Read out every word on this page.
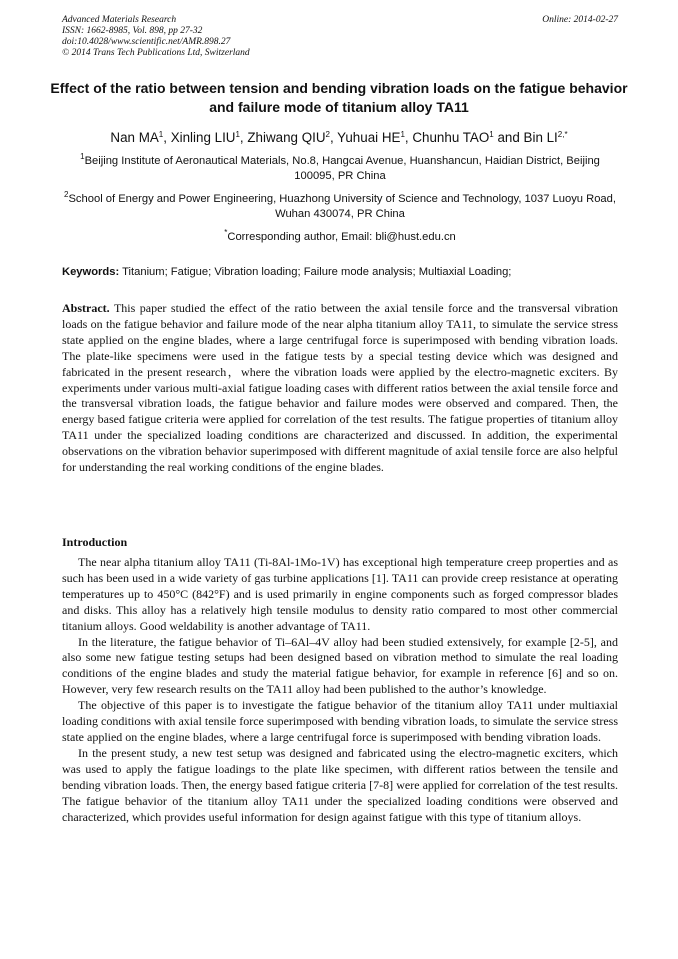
Advanced Materials Research
ISSN: 1662-8985, Vol. 898, pp 27-32
doi:10.4028/www.scientific.net/AMR.898.27
© 2014 Trans Tech Publications Ltd, Switzerland
Online: 2014-02-27
Effect of the ratio between tension and bending vibration loads on the fatigue behavior and failure mode of titanium alloy TA11
Nan $MA^1$, Xinling LIU$^1$, Zhiwang QIU$^2$, Yuhuai $HE^1$, Chunhu TAO$^1$ and Bin $LI^{2,*}$
$^1$Beijing Institute of Aeronautical Materials, No.8, Hangcai Avenue, Huanshancun, Haidian District, Beijing 100095, PR China
$^2$School of Energy and Power Engineering, Huazhong University of Science and Technology, 1037 Luoyu Road, Wuhan 430074, PR China
*Corresponding author, Email: bli@hust.edu.cn
Keywords: Titanium; Fatigue; Vibration loading; Failure mode analysis; Multiaxial Loading;

Abstract. This paper studied the effect of the ratio between the axial tensile force and the transversal vibration loads on the fatigue behavior and failure mode of the near alpha titanium alloy TA11, to simulate the service stress state applied on the engine blades, where a large centrifugal force is superimposed with bending vibration loads. The plate-like specimens were used in the fatigue tests by a special testing device which was designed and fabricated in the present research，where the vibration loads were applied by the electro-magnetic exciters. By experiments under various multi-axial fatigue loading cases with different ratios between the axial tensile force and the transversal vibration loads, the fatigue behavior and failure modes were observed and compared. Then, the energy based fatigue criteria were applied for correlation of the test results. The fatigue properties of titanium alloy TA11 under the specialized loading conditions are characterized and discussed. In addition, the experimental observations on the vibration behavior superimposed with different magnitude of axial tensile force are also helpful for understanding the real working conditions of the engine blades.

Introduction

The near alpha titanium alloy TA11 (Ti-8Al-1Mo-1V) has exceptional high temperature creep properties and as such has been used in a wide variety of gas turbine applications [1]. TA11 can provide creep resistance at operating temperatures up to 450°C (842°F) and is used primarily in engine components such as forged compressor blades and disks. This alloy has a relatively high tensile modulus to density ratio compared to most other commercial titanium alloys. Good weldability is another advantage of TA11.

In the literature, the fatigue behavior of Ti–6Al–4V alloy had been studied extensively, for example [2-5], and also some new fatigue testing setups had been designed based on vibration method to simulate the real loading conditions of the engine blades and study the material fatigue behavior, for example in reference [6] and so on. However, very few research results on the TA11 alloy had been published to the author’s knowledge.

The objective of this paper is to investigate the fatigue behavior of the titanium alloy TA11 under multiaxial loading conditions with axial tensile force superimposed with bending vibration loads, to simulate the service stress state applied on the engine blades, where a large centrifugal force is superimposed with bending vibration loads.

In the present study, a new test setup was designed and fabricated using the electro-magnetic exciters, which was used to apply the fatigue loadings to the plate like specimen, with different ratios between the tensile and bending vibration loads. Then, the energy based fatigue criteria [7-8] were applied for correlation of the test results. The fatigue behavior of the titanium alloy TA11 under the specialized loading conditions were observed and characterized, which provides useful information for design against fatigue with this type of titanium alloys.
